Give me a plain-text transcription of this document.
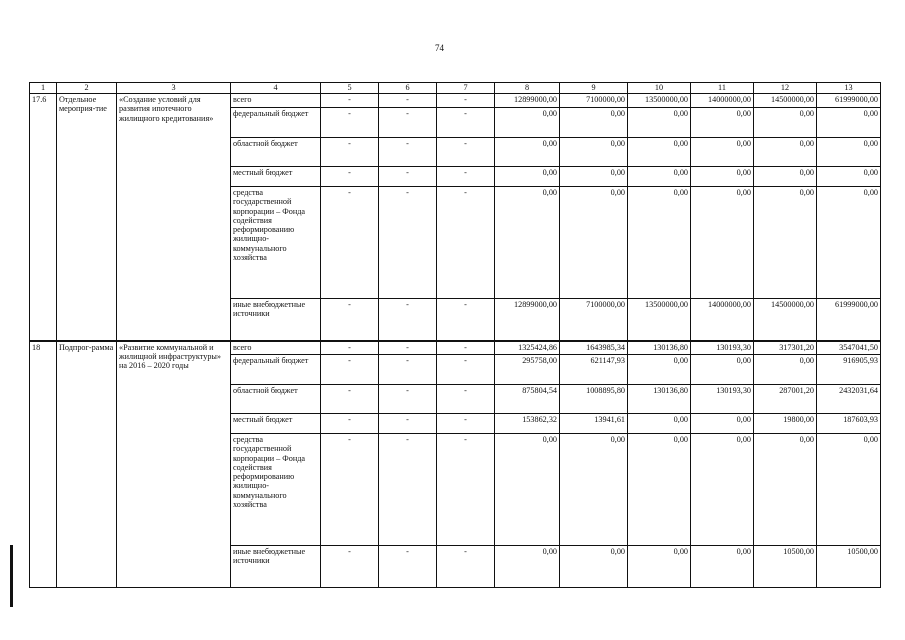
74
1	2	3	4	5	6	7	8	9	10	11	12	13
17.6	Отдельное мероприя-тие	«Создание условий для развития ипотечного жилищного кредитования»	всего	-	-	-	12899000,00	7100000,00	13500000,00	14000000,00	14500000,00	61999000,00
			федеральный бюджет	-	-	-	0,00	0,00	0,00	0,00	0,00	0,00
			областной бюджет	-	-	-	0,00	0,00	0,00	0,00	0,00	0,00
			местный бюджет	-	-	-	0,00	0,00	0,00	0,00	0,00	0,00
			средства государственной корпорации – Фонда содействия реформированию жилищно-коммунального хозяйства	-	-	-	0,00	0,00	0,00	0,00	0,00	0,00
			иные внебюджетные источники	-	-	-	12899000,00	7100000,00	13500000,00	14000000,00	14500000,00	61999000,00
18	Подпрог-рамма	«Развитие коммунальной и жилищной инфраструктуры» на 2016 – 2020 годы	всего	-	-	-	1325424,86	1643985,34	130136,80	130193,30	317301,20	3547041,50
			федеральный бюджет	-	-	-	295758,00	621147,93	0,00	0,00	0,00	916905,93
			областной бюджет	-	-	-	875804,54	1008895,80	130136,80	130193,30	287001,20	2432031,64
			местный бюджет	-	-	-	153862,32	13941,61	0,00	0,00	19800,00	187603,93
			средства государственной корпорации – Фонда содействия реформированию жилищно-коммунального хозяйства	-	-	-	0,00	0,00	0,00	0,00	0,00	0,00
			иные внебюджетные источники	-	-	-	0,00	0,00	0,00	0,00	10500,00	10500,00
